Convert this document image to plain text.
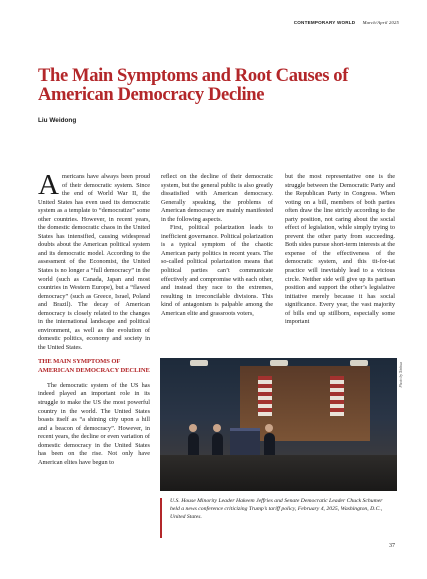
CONTEMPORARY WORLD March/April 2025
The Main Symptoms and Root Causes of American Democracy Decline
Liu Weidong

Americans have always been proud of their democratic system. Since the end of World War II, the United States has even used its democratic system as a template to “democratize” some other countries. However, in recent years, the domestic democratic chaos in the United States has intensified, causing widespread doubts about the American political system and its democratic model. According to the assessment of the Economist, the United States is no longer a “full democracy” in the world (such as Canada, Japan and most countries in Western Europe), but a “flawed democracy” (such as Greece, Israel, Poland and Brazil). The decay of American democracy is closely related to the changes in the international landscape and political environment, as well as the evolution of domestic politics, economy and society in the United States.

THE MAIN SYMPTOMS OF AMERICAN DEMOCRACY DECLINE

The democratic system of the US has indeed played an important role in its struggle to make the US the most powerful country in the world. The United States boasts itself as “a shining city upon a hill and a beacon of democracy”. However, in recent years, the decline or even variation of domestic democracy in the United States has been on the rise. Not only have American elites have begun to

reflect on the decline of their democratic system, but the general public is also greatly dissatisfied with American democracy. Generally speaking, the problems of American democracy are mainly manifested in the following aspects.

First, political polarization leads to inefficient governance. Political polarization is a typical symptom of the chaotic American party politics in recent years. The so-called political polarization means that political parties can’t communicate effectively and compromise with each other, and instead they race to the extremes, resulting in irreconcilable divisions. This kind of antagonism is palpable among the American elite and grassroots voters,

but the most representative one is the struggle between the Democratic Party and the Republican Party in Congress. When voting on a bill, members of both parties often draw the line strictly according to the party position, not caring about the social effect of legislation, while simply trying to prevent the other party from succeeding. Both sides pursue short-term interests at the expense of the effectiveness of the democratic system, and this tit-for-tat practice will inevitably lead to a vicious circle. Neither side will give up its partisan position and support the other’s legislative initiative merely because it has social significance. Every year, the vast majority of bills end up stillborn, especially some important

Photo by Xinhua
U.S. House Minority Leader Hakeem Jeffries and Senate Democratic Leader Chuck Schumer held a news conference criticizing Trump’s tariff policy, February 4, 2025, Washington, D.C., United States.
37
